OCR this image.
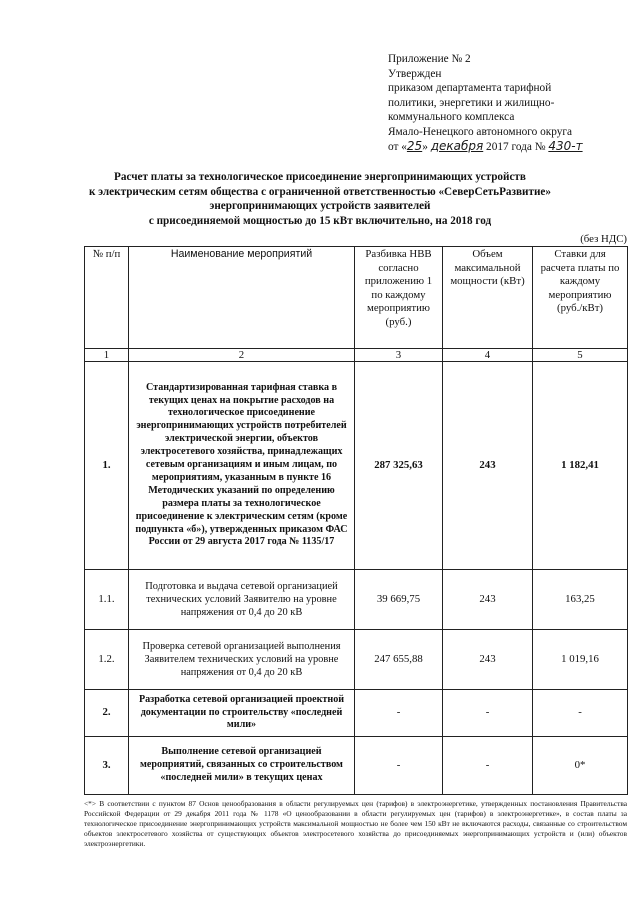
Приложение № 2
Утвержден
приказом департамента тарифной
политики, энергетики и жилищно-
коммунального комплекса
Ямало-Ненецкого автономного округа
от «25» декабря 2017 года № 430-т
Расчет платы за технологическое присоединение энергопринимающих устройств
к электрическим сетям общества с ограниченной ответственностью «СеверСетьРазвитие»
энергопринимающих устройств заявителей
с присоединяемой мощностью до 15 кВт включительно, на 2018 год
(без НДС)
№ п/п	Наименование мероприятий	Разбивка НВВ согласно приложению 1 по каждому мероприятию (руб.)	Объем максимальной мощности (кВт)	Ставки для расчета платы по каждому мероприятию (руб./кВт)
1	2	3	4	5
1.	Стандартизированная тарифная ставка в текущих ценах на покрытие расходов на технологическое присоединение энергопринимающих устройств потребителей электрической энергии, объектов электросетевого хозяйства, принадлежащих сетевым организациям и иным лицам, по мероприятиям, указанным в пункте 16 Методических указаний по определению размера платы за технологическое присоединение к электрическим сетям (кроме подпункта «б»), утвержденных приказом ФАС России от 29 августа 2017 года № 1135/17	287 325,63	243	1 182,41
1.1.	Подготовка и выдача сетевой организацией технических условий Заявителю на уровне напряжения от 0,4 до 20 кВ	39 669,75	243	163,25
1.2.	Проверка сетевой организацией выполнения Заявителем технических условий на уровне напряжения от 0,4 до 20 кВ	247 655,88	243	1 019,16
2.	Разработка сетевой организацией проектной документации по строительству «последней мили»	-	-	-
3.	Выполнение сетевой организацией мероприятий, связанных со строительством «последней мили» в текущих ценах	-	-	0*
<*> В соответствии с пунктом 87 Основ ценообразования в области регулируемых цен (тарифов) в электроэнергетике, утвержденных постановления Правительства Российской Федерации от 29 декабря 2011 года № 1178 «О ценообразовании в области регулируемых цен (тарифов) в электроэнергетике», в состав платы за технологическое присоединение энергопринимающих устройств максимальной мощностью не более чем 150 кВт не включаются расходы, связанные со строительством объектов электросетевого хозяйства от существующих объектов электросетевого хозяйства до присоединяемых энергопринимающих устройств и (или) объектов электроэнергетики.
